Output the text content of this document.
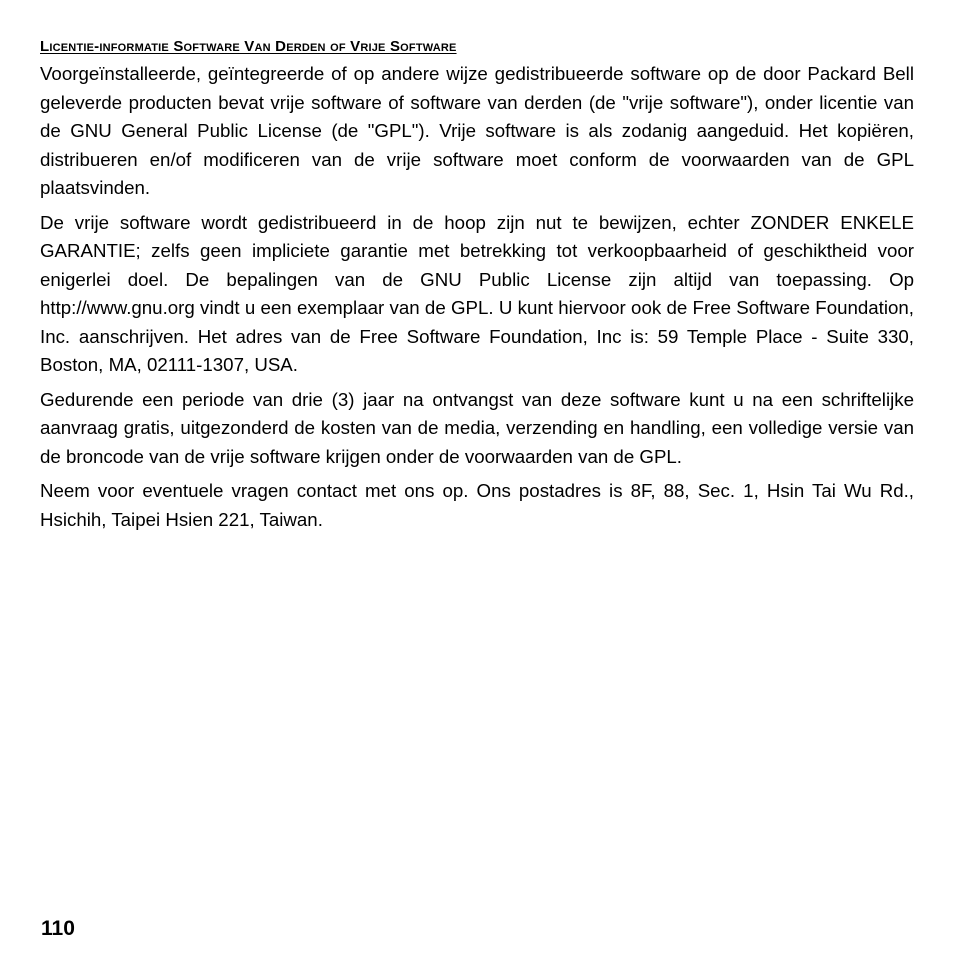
Licentie-informatie Software Van Derden of Vrije Software

Voorgeïnstalleerde, geïntegreerde of op andere wijze gedistribueerde software op de door Packard Bell geleverde producten bevat vrije software of software van derden (de "vrije software"), onder licentie van de GNU General Public License (de "GPL"). Vrije software is als zodanig aangeduid. Het kopiëren, distribueren en/of modificeren van de vrije software moet conform de voorwaarden van de GPL plaatsvinden.

De vrije software wordt gedistribueerd in de hoop zijn nut te bewijzen, echter ZONDER ENKELE GARANTIE; zelfs geen impliciete garantie met betrekking tot verkoopbaarheid of geschiktheid voor enigerlei doel. De bepalingen van de GNU Public License zijn altijd van toepassing. Op http://www.gnu.org vindt u een exemplaar van de GPL. U kunt hiervoor ook de Free Software Foundation, Inc. aanschrijven. Het adres van de Free Software Foundation, Inc is: 59 Temple Place - Suite 330, Boston, MA, 02111-1307, USA.

Gedurende een periode van drie (3) jaar na ontvangst van deze software kunt u na een schriftelijke aanvraag gratis, uitgezonderd de kosten van de media, verzending en handling, een volledige versie van de broncode van de vrije software krijgen onder de voorwaarden van de GPL.

Neem voor eventuele vragen contact met ons op. Ons postadres is 8F, 88, Sec. 1, Hsin Tai Wu Rd., Hsichih, Taipei Hsien 221, Taiwan.

110
